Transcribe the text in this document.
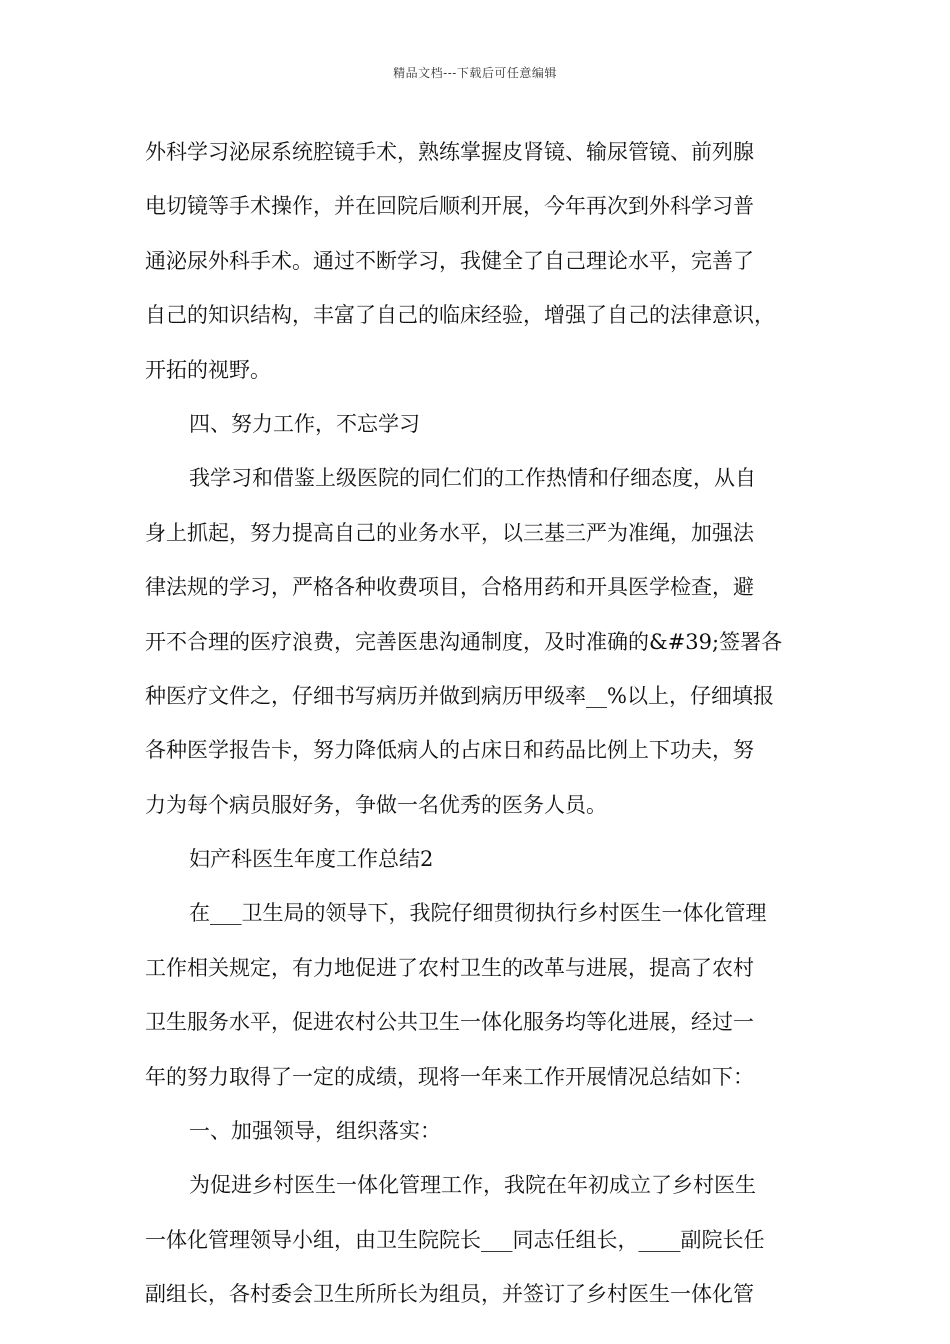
精品文档---下载后可任意编辑
外科学习泌尿系统腔镜手术，熟练掌握皮肾镜、输尿管镜、前列腺
电切镜等手术操作，并在回院后顺利开展，今年再次到外科学习普
通泌尿外科手术。通过不断学习，我健全了自己理论水平，完善了
自己的知识结构，丰富了自己的临床经验，增强了自己的法律意识，
开拓的视野。
四、努力工作，不忘学习
我学习和借鉴上级医院的同仁们的工作热情和仔细态度，从自
身上抓起，努力提高自己的业务水平，以三基三严为准绳，加强法
律法规的学习，严格各种收费项目，合格用药和开具医学检查，避
开不合理的医疗浪费，完善医患沟通制度，及时准确的&#39;签署各
种医疗文件之，仔细书写病历并做到病历甲级率__%以上，仔细填报
各种医学报告卡，努力降低病人的占床日和药品比例上下功夫，努
力为每个病员服好务，争做一名优秀的医务人员。
妇产科医生年度工作总结2
在___卫生局的领导下，我院仔细贯彻执行乡村医生一体化管理
工作相关规定，有力地促进了农村卫生的改革与进展，提高了农村
卫生服务水平，促进农村公共卫生一体化服务均等化进展，经过一
年的努力取得了一定的成绩，现将一年来工作开展情况总结如下：
一、加强领导，组织落实：
为促进乡村医生一体化管理工作，我院在年初成立了乡村医生
一体化管理领导小组，由卫生院院长___同志任组长，____副院长任
副组长，各村委会卫生所所长为组员，并签订了乡村医生一体化管
